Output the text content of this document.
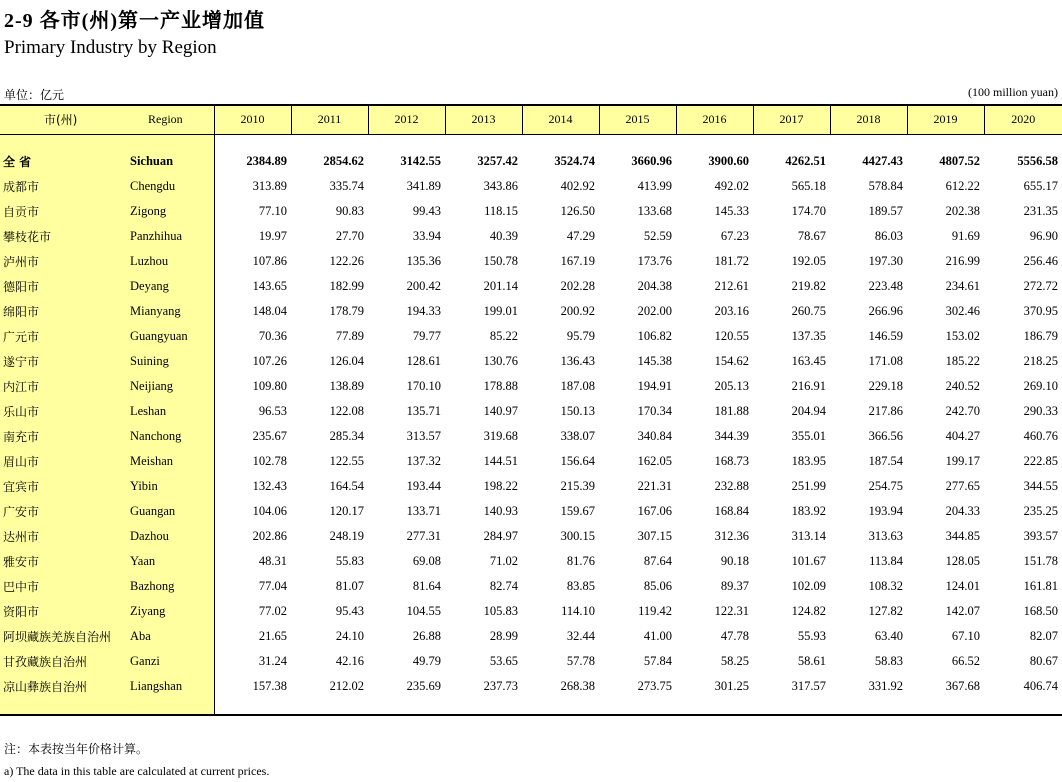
2-9 各市(州)第一产业增加值
Primary Industry by Region
单位：亿元	(100 million yuan)
市(州)	Region	2010	2011	2012	2013	2014	2015	2016	2017	2018	2019	2020

全 省	Sichuan	2384.89	2854.62	3142.55	3257.42	3524.74	3660.96	3900.60	4262.51	4427.43	4807.52	5556.58
成都市	Chengdu	313.89	335.74	341.89	343.86	402.92	413.99	492.02	565.18	578.84	612.22	655.17
自贡市	Zigong	77.10	90.83	99.43	118.15	126.50	133.68	145.33	174.70	189.57	202.38	231.35
攀枝花市	Panzhihua	19.97	27.70	33.94	40.39	47.29	52.59	67.23	78.67	86.03	91.69	96.90
泸州市	Luzhou	107.86	122.26	135.36	150.78	167.19	173.76	181.72	192.05	197.30	216.99	256.46
德阳市	Deyang	143.65	182.99	200.42	201.14	202.28	204.38	212.61	219.82	223.48	234.61	272.72
绵阳市	Mianyang	148.04	178.79	194.33	199.01	200.92	202.00	203.16	260.75	266.96	302.46	370.95
广元市	Guangyuan	70.36	77.89	79.77	85.22	95.79	106.82	120.55	137.35	146.59	153.02	186.79
遂宁市	Suining	107.26	126.04	128.61	130.76	136.43	145.38	154.62	163.45	171.08	185.22	218.25
内江市	Neijiang	109.80	138.89	170.10	178.88	187.08	194.91	205.13	216.91	229.18	240.52	269.10
乐山市	Leshan	96.53	122.08	135.71	140.97	150.13	170.34	181.88	204.94	217.86	242.70	290.33
南充市	Nanchong	235.67	285.34	313.57	319.68	338.07	340.84	344.39	355.01	366.56	404.27	460.76
眉山市	Meishan	102.78	122.55	137.32	144.51	156.64	162.05	168.73	183.95	187.54	199.17	222.85
宜宾市	Yibin	132.43	164.54	193.44	198.22	215.39	221.31	232.88	251.99	254.75	277.65	344.55
广安市	Guangan	104.06	120.17	133.71	140.93	159.67	167.06	168.84	183.92	193.94	204.33	235.25
达州市	Dazhou	202.86	248.19	277.31	284.97	300.15	307.15	312.36	313.14	313.63	344.85	393.57
雅安市	Yaan	48.31	55.83	69.08	71.02	81.76	87.64	90.18	101.67	113.84	128.05	151.78
巴中市	Bazhong	77.04	81.07	81.64	82.74	83.85	85.06	89.37	102.09	108.32	124.01	161.81
资阳市	Ziyang	77.02	95.43	104.55	105.83	114.10	119.42	122.31	124.82	127.82	142.07	168.50
阿坝藏族羌族自治州	Aba	21.65	24.10	26.88	28.99	32.44	41.00	47.78	55.93	63.40	67.10	82.07
甘孜藏族自治州	Ganzi	31.24	42.16	49.79	53.65	57.78	57.84	58.25	58.61	58.83	66.52	80.67
凉山彝族自治州	Liangshan	157.38	212.02	235.69	237.73	268.38	273.75	301.25	317.57	331.92	367.68	406.74

注：本表按当年价格计算。
a) The data in this table are calculated at current prices.
